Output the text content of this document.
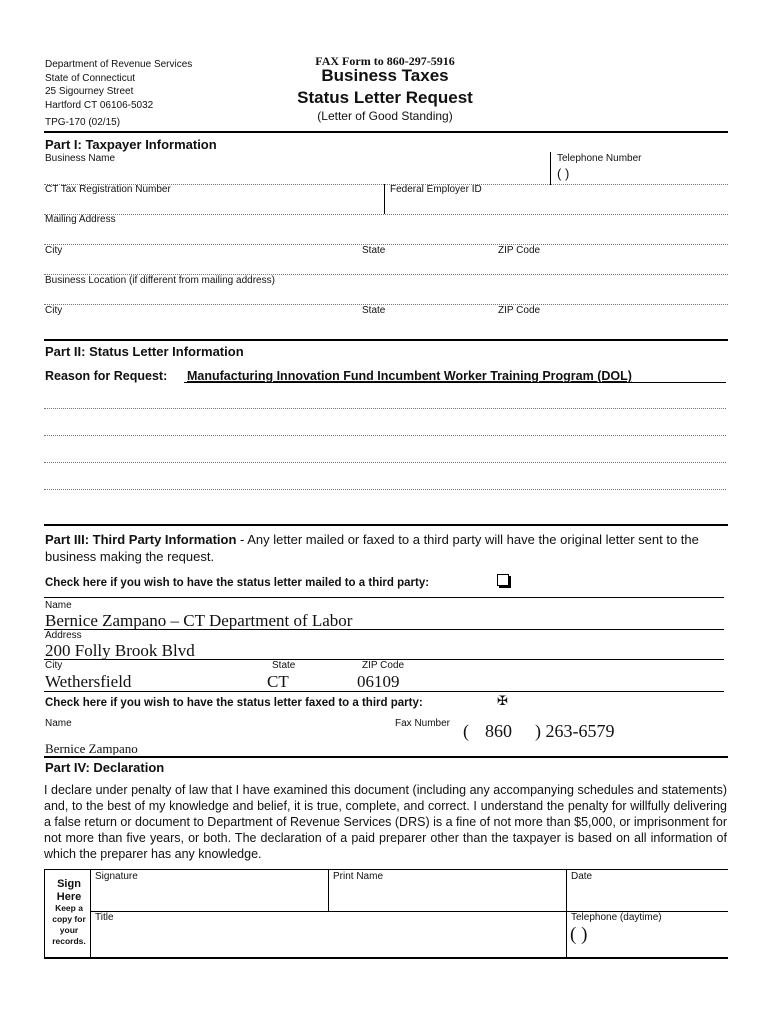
Department of Revenue Services
State of Connecticut
25 Sigourney Street
Hartford CT 06106-5032
TPG-170 (02/15)
FAX Form to 860-297-5916
Business Taxes
Status Letter Request
(Letter of Good Standing)
Part I: Taxpayer Information
Business Name	Telephone Number
( )
CT Tax Registration Number	Federal Employer ID
Mailing Address
City	State	ZIP Code
Business Location (if different from mailing address)
City	State	ZIP Code
Part II: Status Letter Information
Reason for Request: Manufacturing Innovation Fund Incumbent Worker Training Program (DOL)
Part III: Third Party Information - Any letter mailed or faxed to a third party will have the original letter sent to the business making the request.
Check here if you wish to have the status letter mailed to a third party:
Name
Bernice Zampano – CT Department of Labor
Address
200 Folly Brook Blvd
City	State	ZIP Code
Wethersfield	CT	06109
Check here if you wish to have the status letter faxed to a third party:	✠
Name	Fax Number ( 860 ) 263-6579
Bernice Zampano
Part IV: Declaration
I declare under penalty of law that I have examined this document (including any accompanying schedules and statements) and, to the best of my knowledge and belief, it is true, complete, and correct. I understand the penalty for willfully delivering a false return or document to Department of Revenue Services (DRS) is a fine of not more than $5,000, or imprisonment for not more than five years, or both. The declaration of a paid preparer other than the taxpayer is based on all information of which the preparer has any knowledge.
Sign Here
Keep a copy for your records.
Signature	Print Name	Date
Title	Telephone (daytime)
( )
